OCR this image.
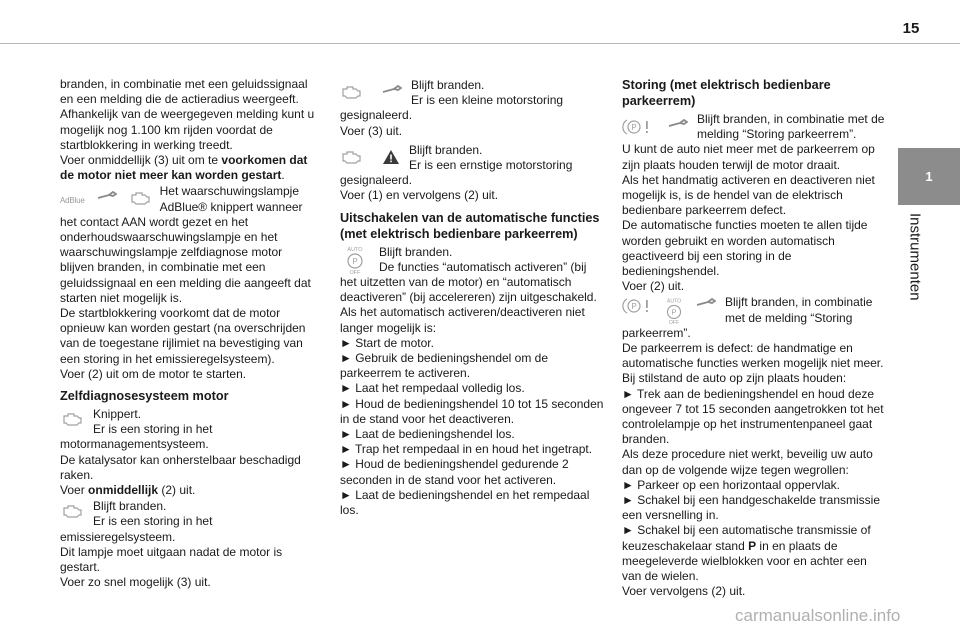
15
1
Instrumenten

branden, in combinatie met een geluidssignaal en een melding die de actieradius weergeeft.

Afhankelijk van de weergegeven melding kunt u mogelijk nog 1.100 km rijden voordat de startblokkering in werking treedt.

Voer onmiddellijk (3) uit om te voorkomen dat de motor niet meer kan worden gestart.

AdBlue
Het waarschuwingslampje AdBlue® knippert wanneer

het contact AAN wordt gezet en het onderhoudswaarschuwingslampje en het waarschuwingslampje zelfdiagnose motor blijven branden, in combinatie met een geluidssignaal en een melding die aangeeft dat starten niet mogelijk is.

De startblokkering voorkomt dat de motor opnieuw kan worden gestart (na overschrijden van de toegestane rijlimiet na bevestiging van een storing in het emissieregelsysteem).

Voer (2) uit om de motor te starten.

Zelfdiagnosesysteem motor

Knippert.

Er is een storing in het

motormanagementsysteem.

De katalysator kan onherstelbaar beschadigd raken.

Voer onmiddellijk (2) uit.

Blijft branden.

Er is een storing in het

emissieregelsysteem.

Dit lampje moet uitgaan nadat de motor is gestart.

Voer zo snel mogelijk (3) uit.

Blijft branden.

Er is een kleine motorstoring

gesignaleerd.

Voer (3) uit.

Blijft branden.

Er is een ernstige motorstoring

gesignaleerd.

Voer (1) en vervolgens (2) uit.

Uitschakelen van de automatische functies (met elektrisch bedienbare parkeerrem)
AUTO
P
OFF

Blijft branden.

De functies “automatisch activeren” (bij

het uitzetten van de motor) en “automatisch deactiveren” (bij accelereren) zijn uitgeschakeld.

Als het automatisch activeren/deactiveren niet langer mogelijk is:

► Start de motor.

► Gebruik de bedieningshendel om de parkeerrem te activeren.

► Laat het rempedaal volledig los.

► Houd de bedieningshendel 10 tot 15 seconden in de stand voor het deactiveren.

► Laat de bedieningshendel los.

► Trap het rempedaal in en houd het ingetrapt.

► Houd de bedieningshendel gedurende 2 seconden in de stand voor het activeren.

► Laat de bedieningshendel en het rempedaal los.

Storing (met elektrisch bedienbare parkeerrem)
P
Blijft branden, in combinatie met de melding “Storing parkeerrem”.

U kunt de auto niet meer met de parkeerrem op zijn plaats houden terwijl de motor draait.

Als het handmatig activeren en deactiveren niet mogelijk is, is de hendel van de elektrisch bedienbare parkeerrem defect.

De automatische functies moeten te allen tijde worden gebruikt en worden automatisch geactiveerd bij een storing in de bedieningshendel.

Voer (2) uit.

P
AUTO
P
OFF
Blijft branden, in combinatie met de melding “Storing

parkeerrem”.

De parkeerrem is defect: de handmatige en automatische functies werken mogelijk niet meer.

Bij stilstand de auto op zijn plaats houden:

► Trek aan de bedieningshendel en houd deze ongeveer 7 tot 15 seconden aangetrokken tot het controlelampje op het instrumentenpaneel gaat branden.

Als deze procedure niet werkt, beveilig uw auto dan op de volgende wijze tegen wegrollen:

► Parkeer op een horizontaal oppervlak.

► Schakel bij een handgeschakelde transmissie een versnelling in.

► Schakel bij een automatische transmissie of keuzeschakelaar stand P in en plaats de meegeleverde wielblokken voor en achter een van de wielen.

Voer vervolgens (2) uit.

carmanualsonline.info
